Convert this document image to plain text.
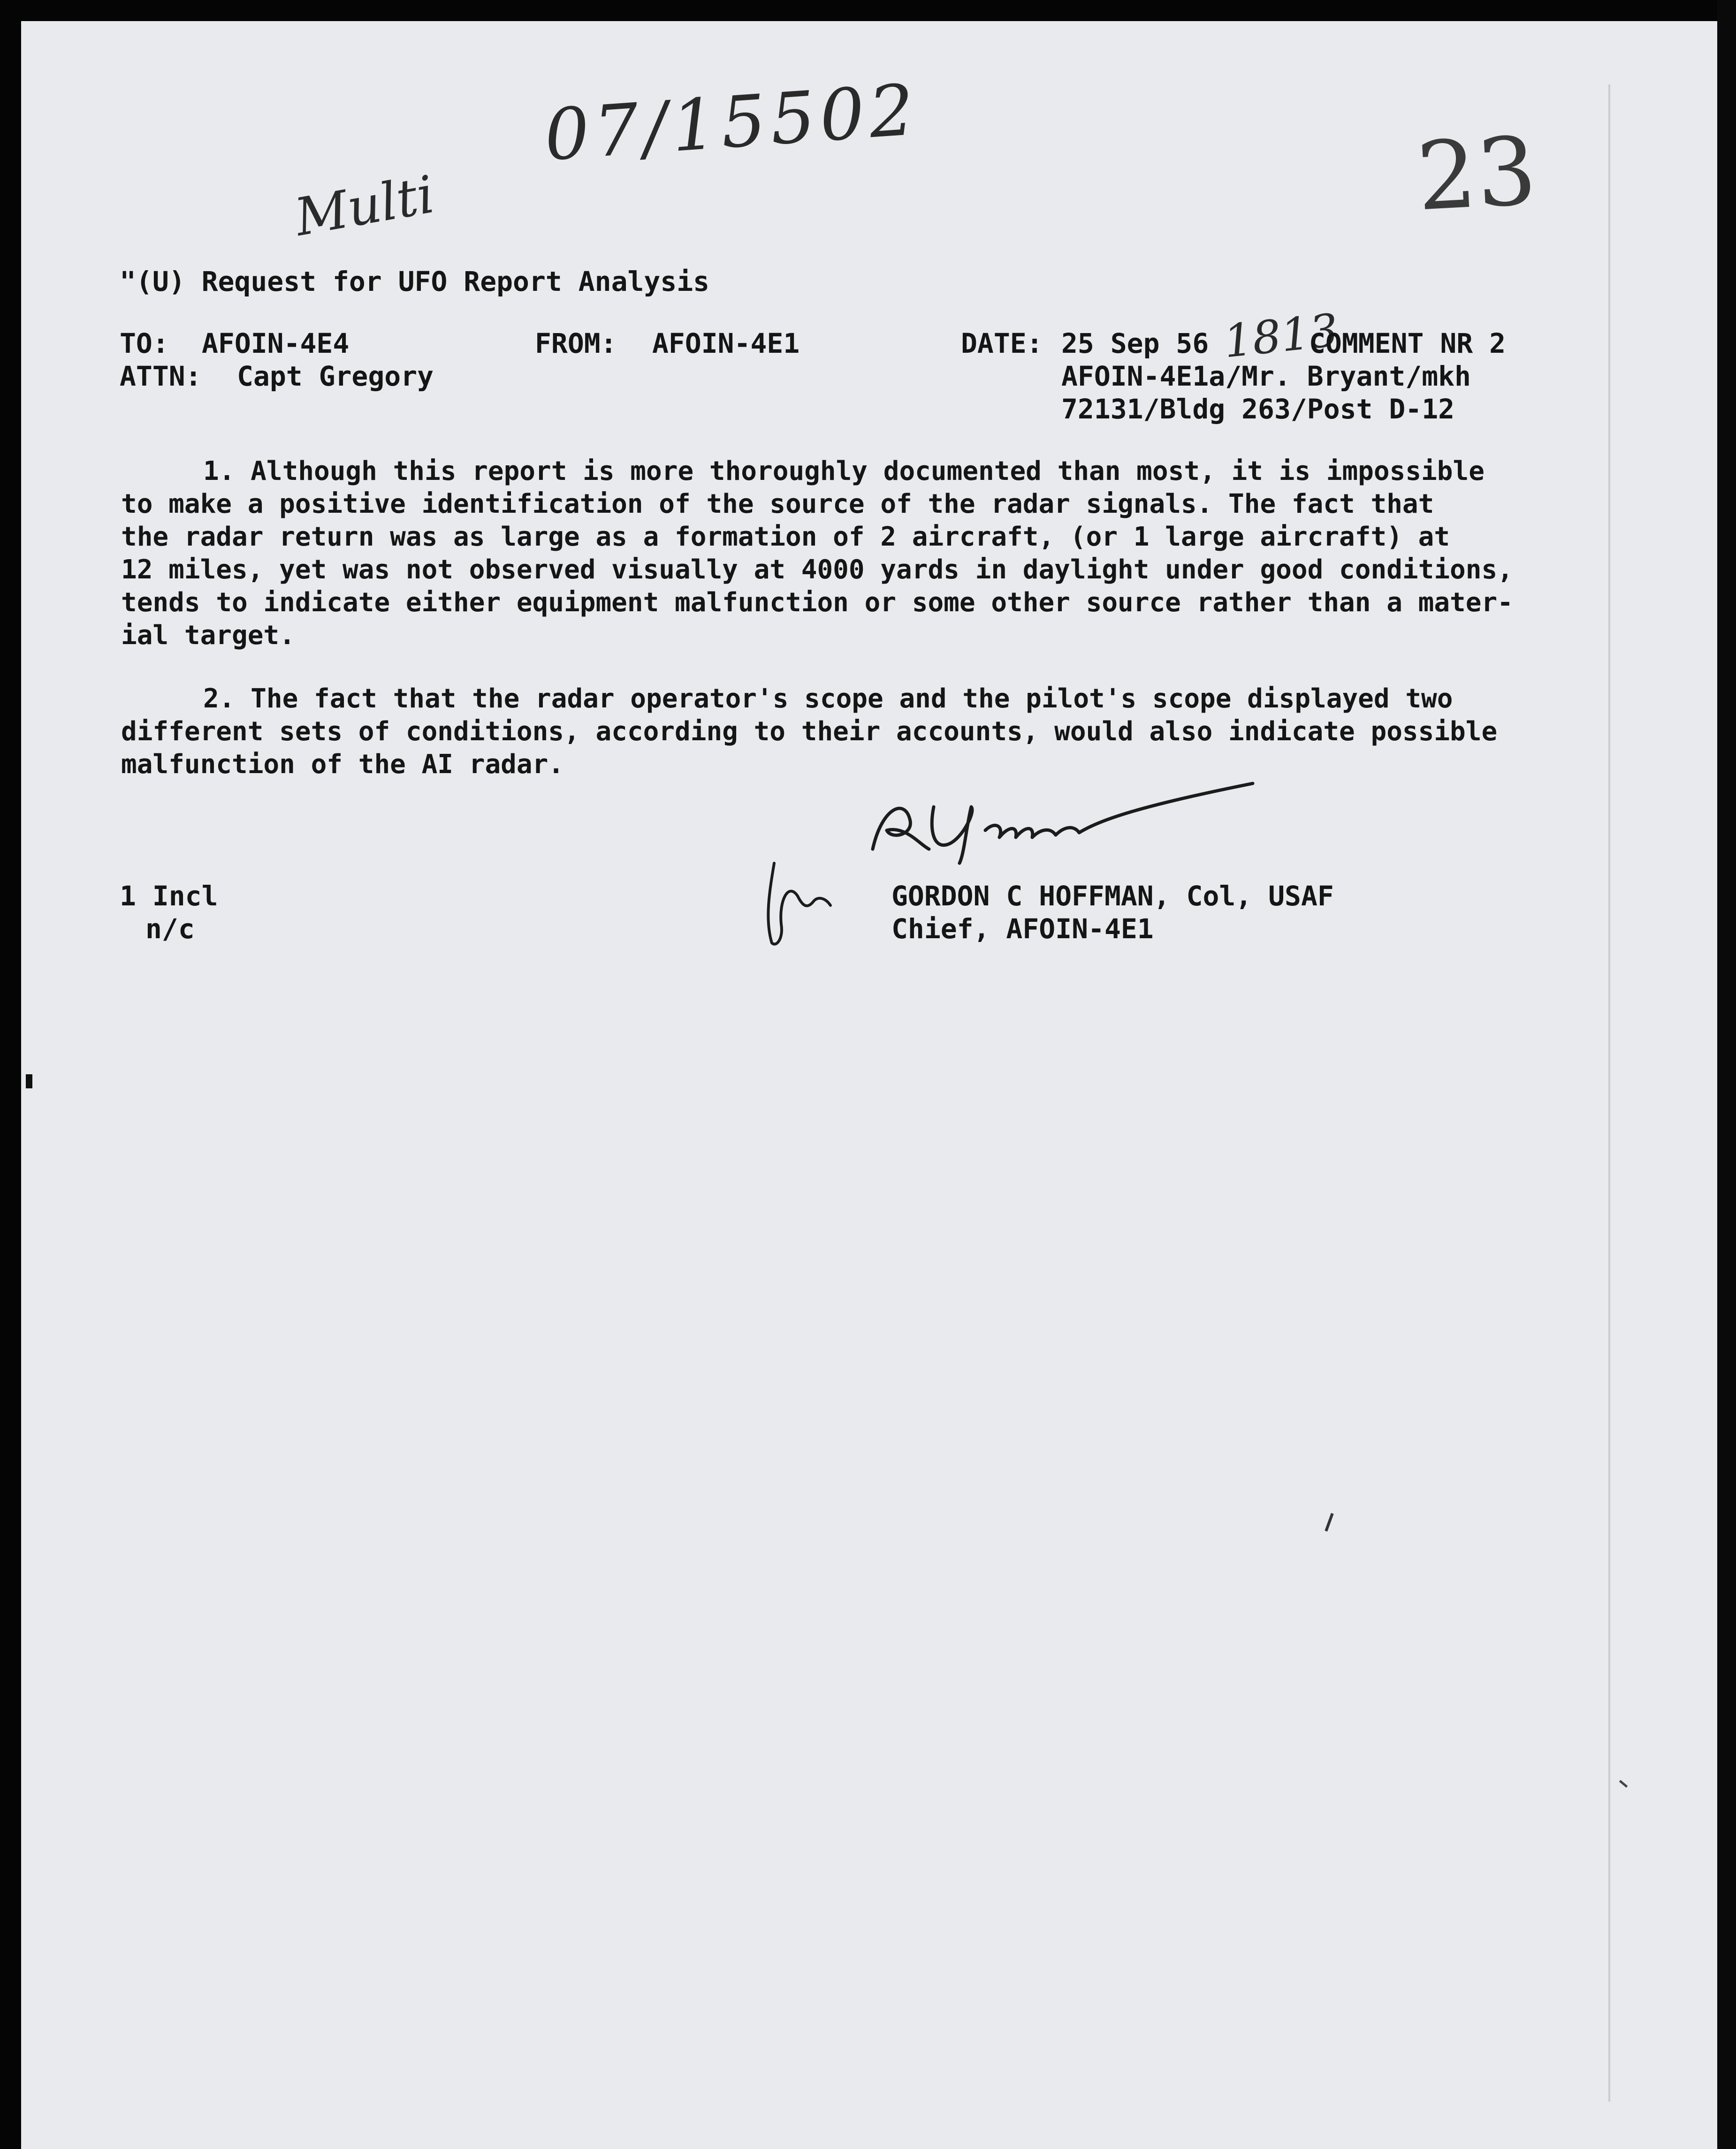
07/15502	23
Multi
"(U) Request for UFO Report Analysis
TO: AFOIN-4E4
ATTN: Capt Gregory
FROM: AFOIN-4E1	DATE: 25 Sep 56 1813
COMMENT NR 2
AFOIN-4E1a/Mr. Bryant/mkh
72131/Bldg 263/Post D-12
1. Although this report is more thoroughly documented than most, it is impossible
to make a positive identification of the source of the radar signals. The fact that
the radar return was as large as a formation of 2 aircraft, (or 1 large aircraft) at
12 miles, yet was not observed visually at 4000 yards in daylight under good conditions,
tends to indicate either equipment malfunction or some other source rather than a mater-
ial target.
2. The fact that the radar operator's scope and the pilot's scope displayed two
different sets of conditions, according to their accounts, would also indicate possible
malfunction of the AI radar.
1 Incl
n/c
GORDON C HOFFMAN, Col, USAF
Chief, AFOIN-4E1
